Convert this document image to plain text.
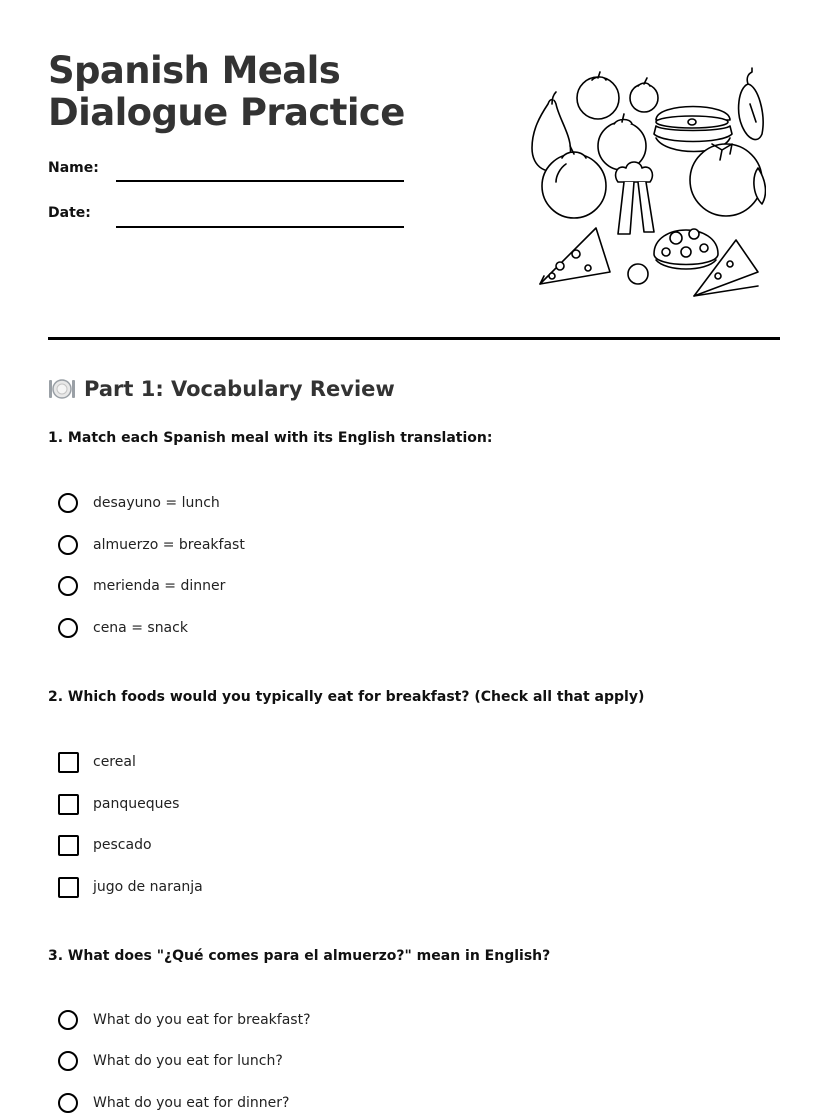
Spanish Meals Dialogue Practice
Name:
Date:
Part 1: Vocabulary Review

1. Match each Spanish meal with its English translation:

desayuno = lunch
almuerzo = breakfast
merienda = dinner
cena = snack

2. Which foods would you typically eat for breakfast? (Check all that apply)

cereal
panqueques
pescado
jugo de naranja

3. What does "¿Qué comes para el almuerzo?" mean in English?

What do you eat for breakfast?
What do you eat for lunch?
What do you eat for dinner?
